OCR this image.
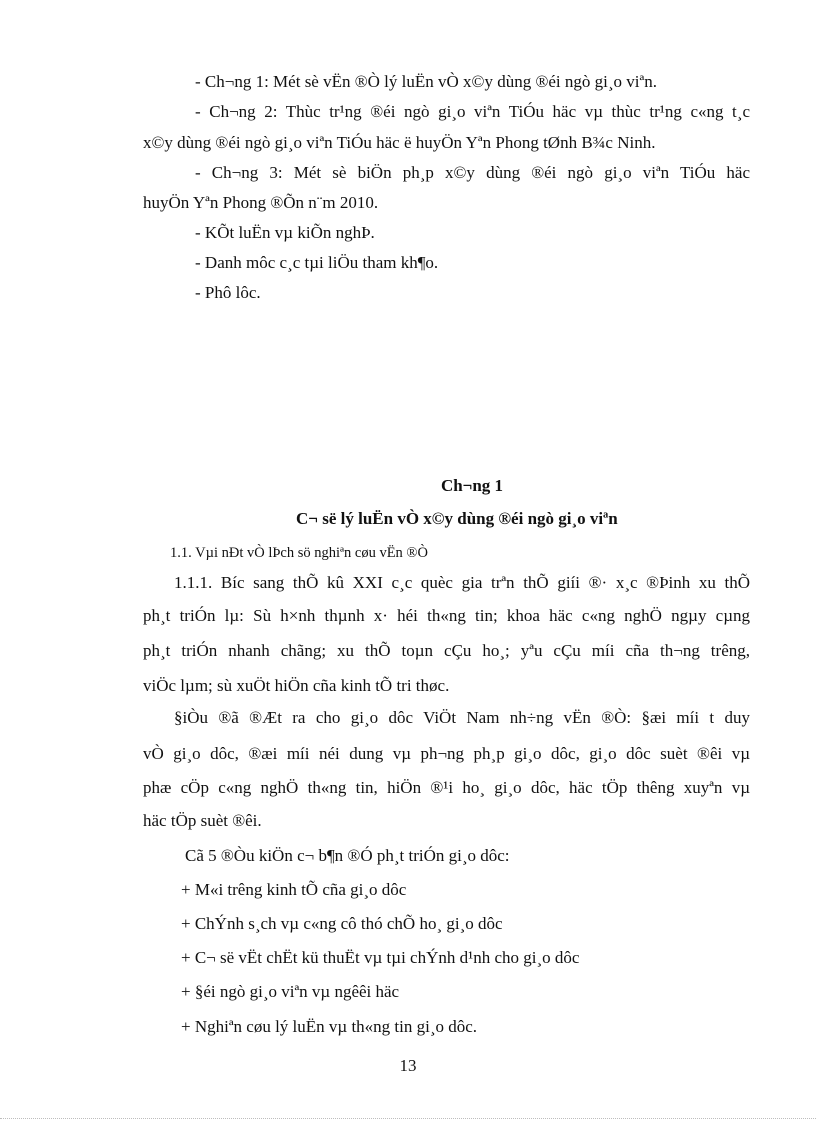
- Ch¬ng 1: Mét sè vËn ®Ò lý luËn vÒ x©y dùng ®éi ngò gi¸o viªn.
- Ch¬ng 2: Thùc tr¹ng ®éi ngò gi¸o viªn TiÓu häc vµ thùc tr¹ng c«ng t¸c
x©y dùng ®éi ngò gi¸o viªn TiÓu häc ë huyÖn Yªn Phong tØnh B¾c Ninh.
- Ch¬ng 3: Mét sè biÖn ph¸p x©y dùng ®éi ngò gi¸o viªn TiÓu häc
huyÖn Yªn Phong ®Õn n¨m 2010.
- KÕt luËn vµ kiÕn nghÞ.
- Danh môc c¸c tµi liÖu tham kh¶o.
- Phô lôc.
Ch¬ng 1
C¬ së lý luËn vÒ x©y dùng ®éi ngò gi¸o viªn
1.1. Vµi nÐt vÒ lÞch sö nghiªn cøu vËn ®Ò
1.1.1. Bíc sang thÕ kû XXI c¸c quèc gia trªn thÕ giíi ®· x¸c ®Þinh xu thÕ
ph¸t triÓn lµ: Sù h×nh thµnh x· héi th«ng tin; khoa häc c«ng nghÖ ngµy cµng
ph¸t triÓn nhanh chãng; xu thÕ toµn cÇu ho¸; yªu cÇu míi cña th¬ng trêng,
viÖc lµm; sù xuÖt hiÖn cña kinh tÕ tri thøc.
§iÒu ®ã ®Æt ra cho gi¸o dôc ViÖt Nam nh÷ng vËn ®Ò: §æi míi t duy
vÒ gi¸o dôc, ®æi míi néi dung vµ ph¬ng ph¸p gi¸o dôc, gi¸o dôc suèt ®êi vµ
phæ cÖp c«ng nghÖ th«ng tin, hiÖn ®¹i ho¸ gi¸o dôc, häc tÖp thêng xuyªn vµ
häc tÖp suèt ®êi.
Cã 5 ®Òu kiÖn c¬ b¶n ®Ó ph¸t triÓn gi¸o dôc:
+ M«i trêng kinh tÕ cña gi¸o dôc
+ ChÝnh s¸ch vµ c«ng cô thó chÕ ho¸ gi¸o dôc
+ C¬ së vËt chËt kü thuËt vµ tµi chÝnh d¹nh cho gi¸o dôc
+ §éi ngò gi¸o viªn vµ ngêêi häc
+ Nghiªn cøu lý luËn vµ th«ng tin gi¸o dôc.
13
